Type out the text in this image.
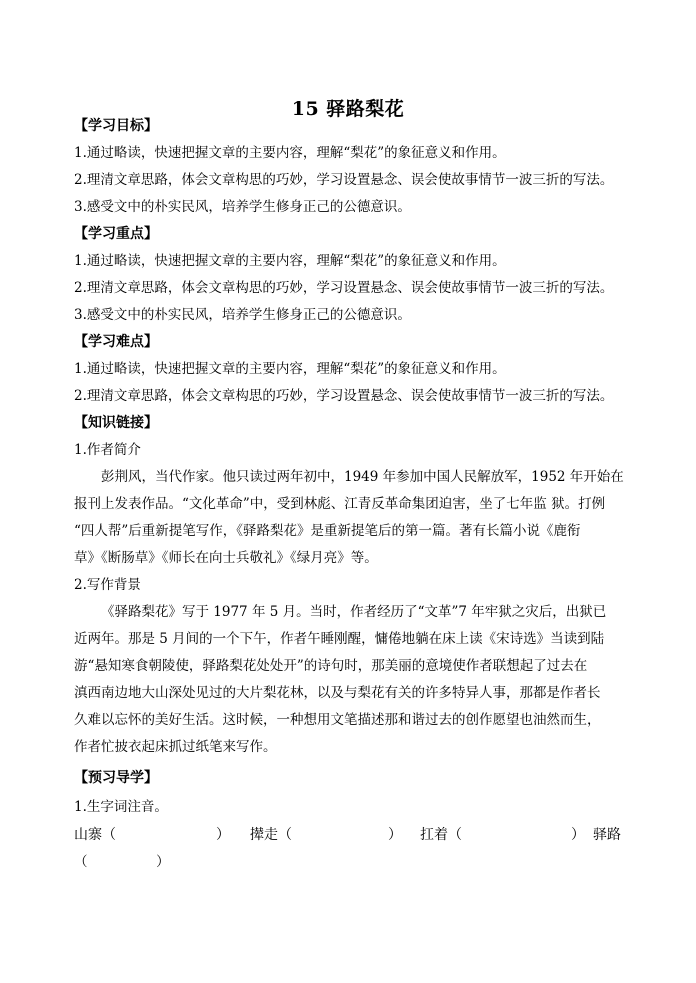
15 驿路梨花
【学习目标】
1.通过略读，快速把握文章的主要内容，理解“梨花”的象征意义和作用。
2.理清文章思路，体会文章构思的巧妙，学习设置悬念、误会使故事情节一波三折的写法。
3.感受文中的朴实民风，培养学生修身正己的公德意识。
【学习重点】
1.通过略读，快速把握文章的主要内容，理解“梨花”的象征意义和作用。
2.理清文章思路，体会文章构思的巧妙，学习设置悬念、误会使故事情节一波三折的写法。
3.感受文中的朴实民风，培养学生修身正己的公德意识。
【学习难点】
1.通过略读，快速把握文章的主要内容，理解“梨花”的象征意义和作用。
2.理清文章思路，体会文章构思的巧妙，学习设置悬念、误会使故事情节一波三折的写法。
【知识链接】
1.作者简介
彭荆风，当代作家。他只读过两年初中，1949 年参加中国人民解放军，1952 年开始在
报刊上发表作品。“文化革命”中，受到林彪、江青反革命集团迫害，坐了七年监 狱。打例
“四人帮”后重新提笔写作，《驿路梨花》是重新提笔后的第一篇。著有长篇小说《鹿衔
草》《断肠草》《师长在向士兵敬礼》《绿月亮》等。
2.写作背景
《驿路梨花》写于 1977 年 5 月。当时，作者经历了“文革”7 年牢狱之灾后，出狱已
近两年。那是 5 月间的一个下午，作者午睡刚醒，慵倦地躺在床上读《宋诗选》当读到陆
游“悬知寒食朝陵使，驿路梨花处处开”的诗句时，那美丽的意境使作者联想起了过去在
滇西南边地大山深处见过的大片梨花林，以及与梨花有关的许多特异人事，那都是作者长
久难以忘怀的美好生活。这时候，一种想用文笔描述那和谐过去的创作愿望也油然而生，
作者忙披衣起床抓过纸笔来写作。
【预习导学】
1.生字词注音。
山寨（	） 撵走（	） 扛着（	） 驿路
（                ）
